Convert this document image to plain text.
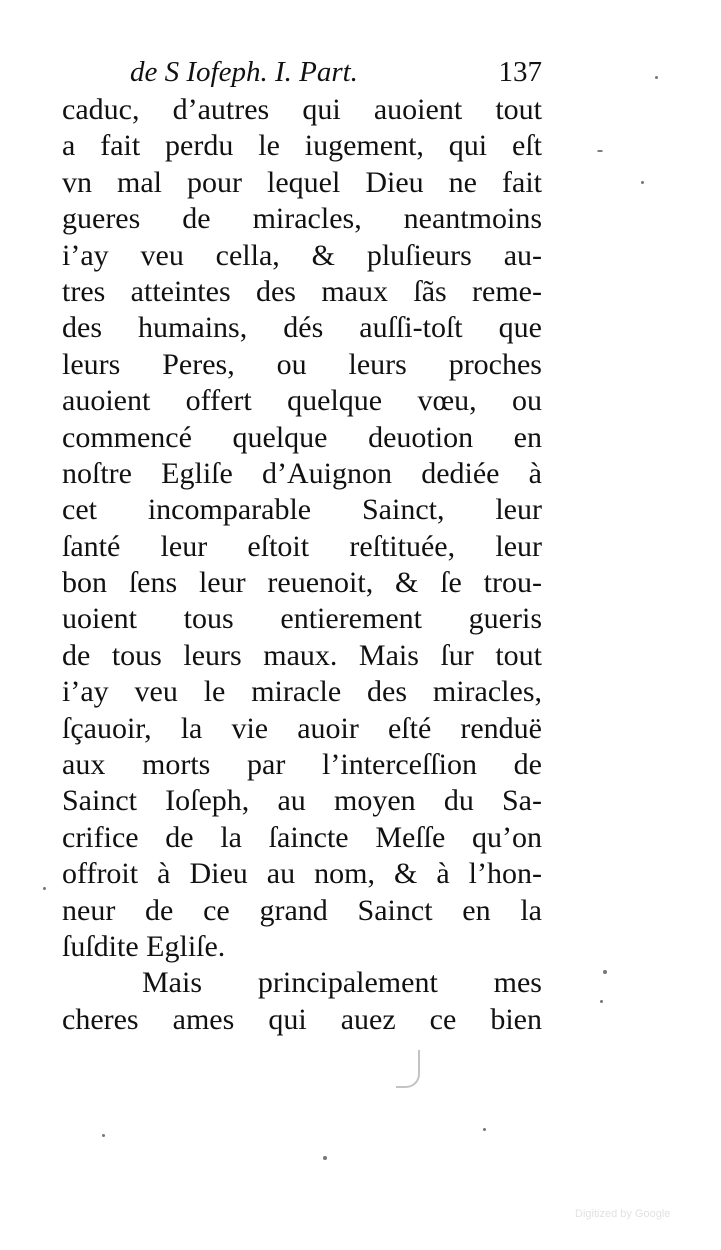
de S Iofeph. I. Part.	137
caduc, d’autres qui auoient tout
a fait perdu le iugement, qui eſt
vn mal pour lequel Dieu ne fait
gueres de miracles, neantmoins
i’ay veu cella, & pluſieurs au-
tres atteintes des maux ſãs reme-
des humains, dés auſſi-toſt que
leurs Peres, ou leurs proches
auoient offert quelque vœu, ou
commencé quelque deuotion en
noſtre Egliſe d’Auignon dediée à
cet incomparable Sainct, leur
ſanté leur eſtoit reſtituée, leur
bon ſens leur reuenoit, & ſe trou-
uoient tous entierement gueris
de tous leurs maux. Mais ſur tout
i’ay veu le miracle des miracles,
ſçauoir, la vie auoir eſté renduë
aux morts par l’interceſſion de
Sainct Ioſeph, au moyen du Sa-
crifice de la ſaincte Meſſe qu’on
offroit à Dieu au nom, & à l’hon-
neur de ce grand Sainct en la
ſuſdite Egliſe.
Mais principalement mes
cheres ames qui auez ce bien
Digitized by Google
